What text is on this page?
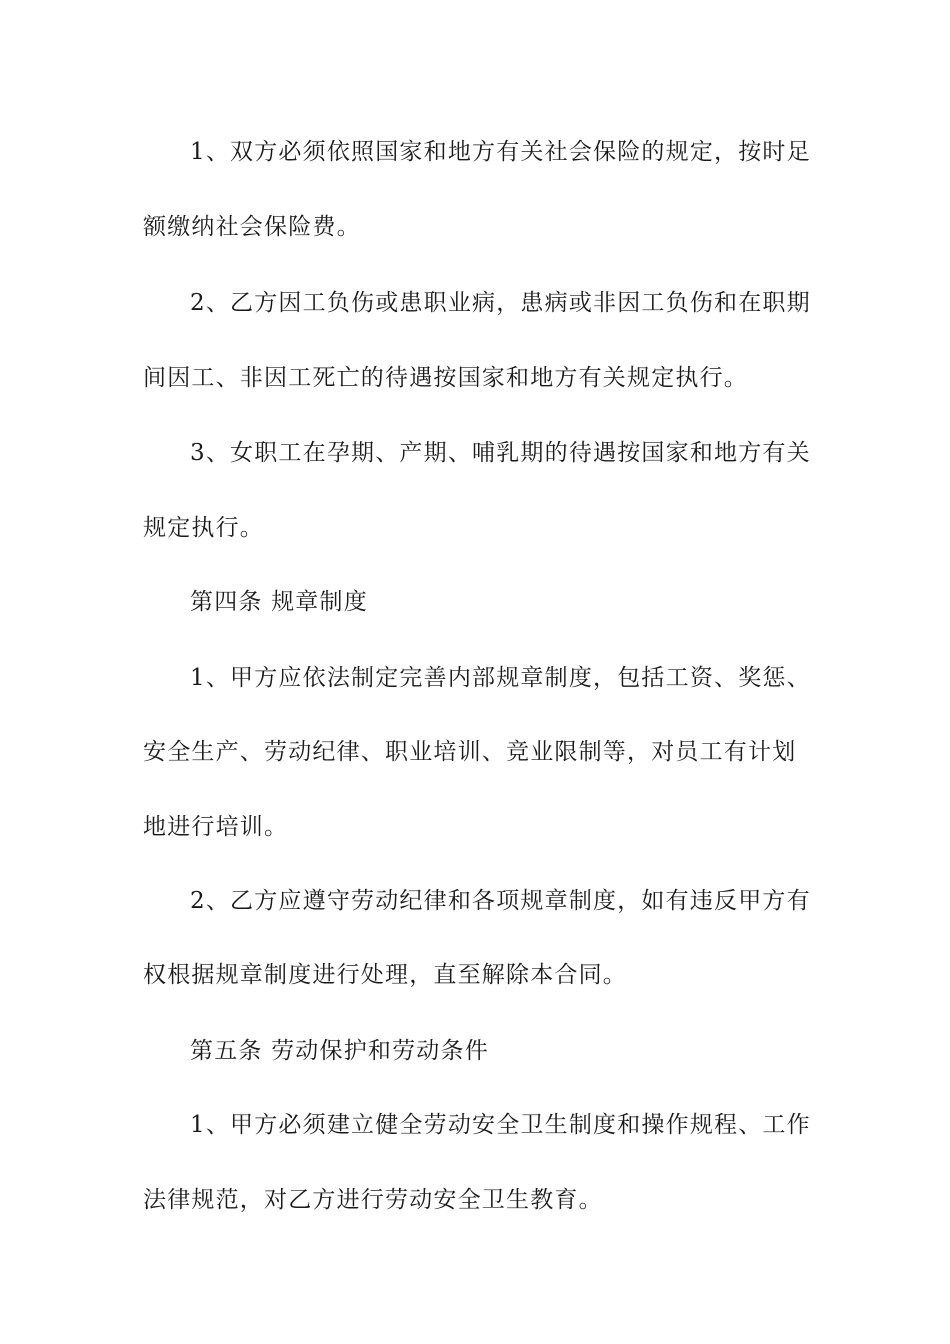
1、双方必须依照国家和地方有关社会保险的规定，按时足
额缴纳社会保险费。
2、乙方因工负伤或患职业病，患病或非因工负伤和在职期
间因工、非因工死亡的待遇按国家和地方有关规定执行。
3、女职工在孕期、产期、哺乳期的待遇按国家和地方有关
规定执行。
第四条 规章制度
1、甲方应依法制定完善内部规章制度，包括工资、奖惩、
安全生产、劳动纪律、职业培训、竞业限制等，对员工有计划
地进行培训。
2、乙方应遵守劳动纪律和各项规章制度，如有违反甲方有
权根据规章制度进行处理，直至解除本合同。
第五条 劳动保护和劳动条件
1、甲方必须建立健全劳动安全卫生制度和操作规程、工作
法律规范，对乙方进行劳动安全卫生教育。
